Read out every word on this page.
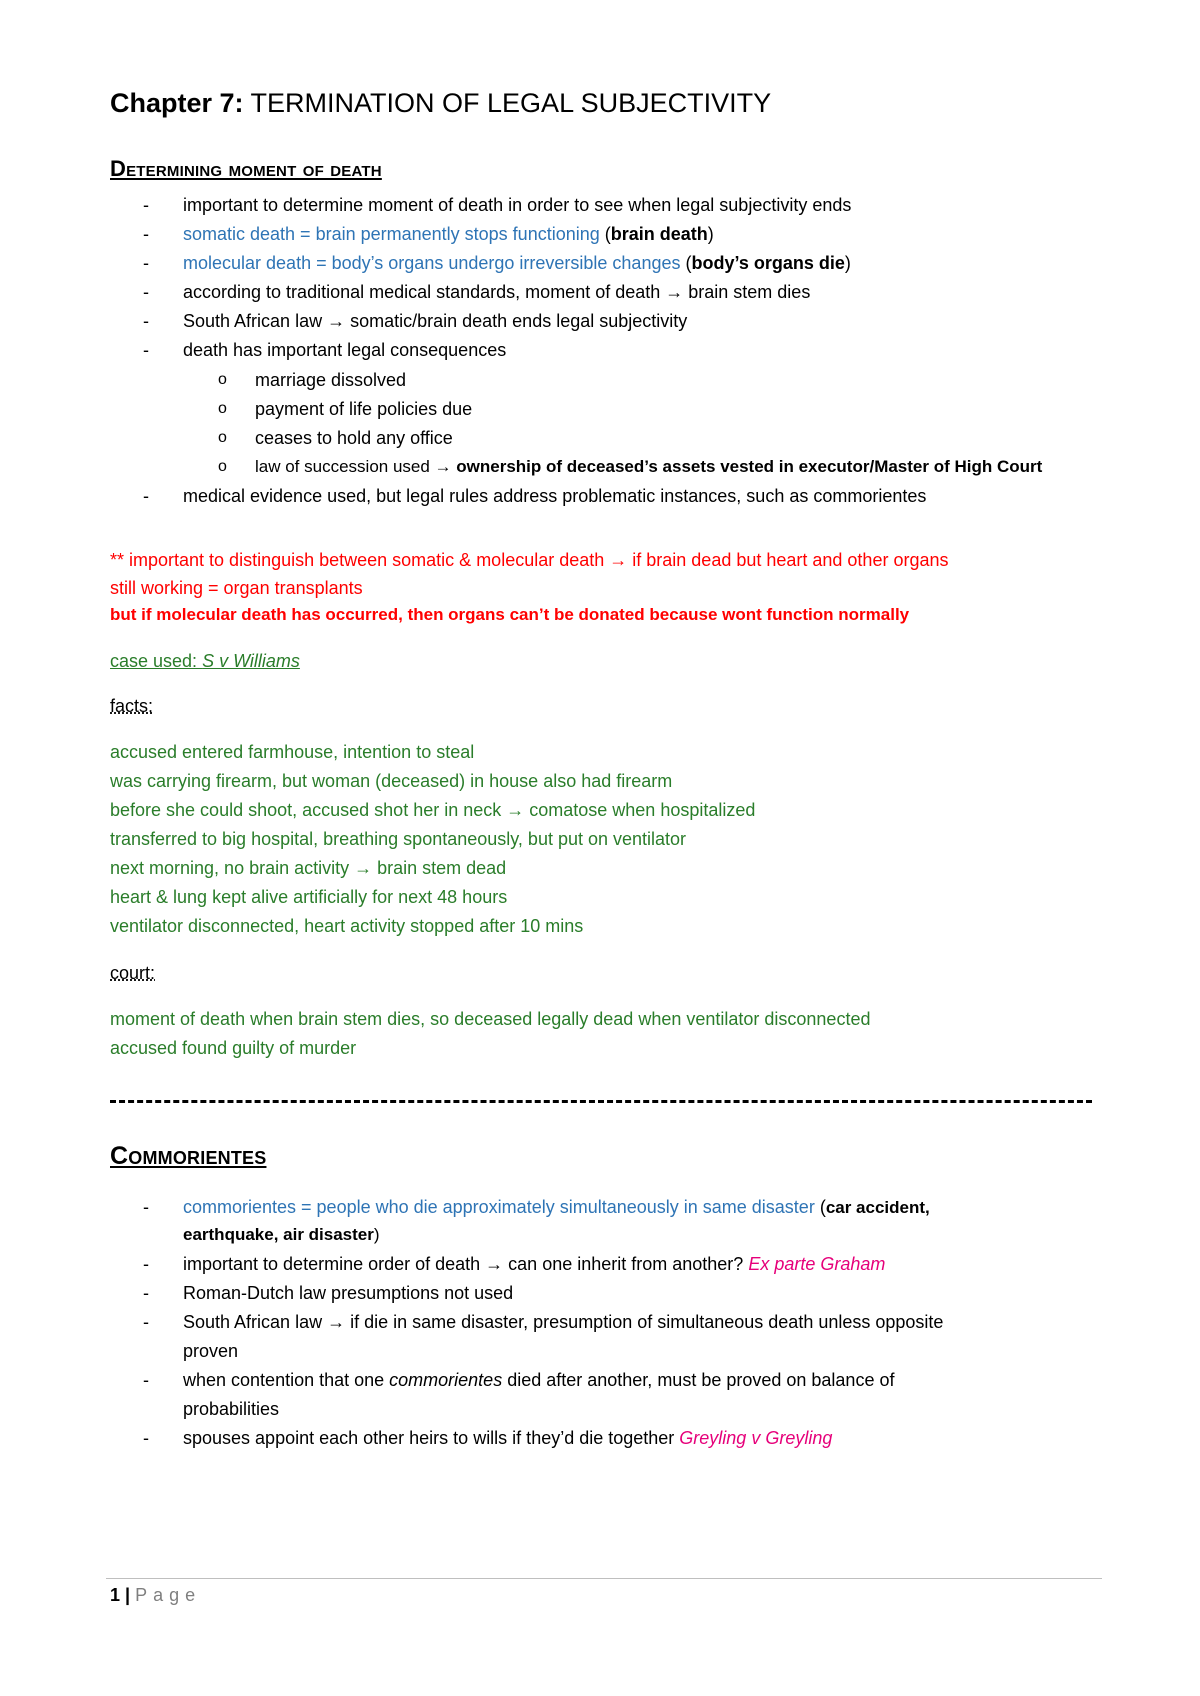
Chapter 7: TERMINATION OF LEGAL SUBJECTIVITY
Determining moment of death
- important to determine moment of death in order to see when legal subjectivity ends
- somatic death = brain permanently stops functioning (brain death)
- molecular death = body’s organs undergo irreversible changes (body’s organs die)
- according to traditional medical standards, moment of death → brain stem dies
- South African law → somatic/brain death ends legal subjectivity
- death has important legal consequences
o marriage dissolved
o payment of life policies due
o ceases to hold any office
o law of succession used → ownership of deceased’s assets vested in executor/Master of High Court
- medical evidence used, but legal rules address problematic instances, such as commorientes
** important to distinguish between somatic & molecular death → if brain dead but heart and other organs
still working = organ transplants
but if molecular death has occurred, then organs can’t be donated because wont function normally
case used: S v Williams
facts:
accused entered farmhouse, intention to steal
was carrying firearm, but woman (deceased) in house also had firearm
before she could shoot, accused shot her in neck → comatose when hospitalized
transferred to big hospital, breathing spontaneously, but put on ventilator
next morning, no brain activity → brain stem dead
heart & lung kept alive artificially for next 48 hours
ventilator disconnected, heart activity stopped after 10 mins
court:
moment of death when brain stem dies, so deceased legally dead when ventilator disconnected
accused found guilty of murder
Commorientes
- commorientes = people who die approximately simultaneously in same disaster (car accident,
earthquake, air disaster)
- important to determine order of death → can one inherit from another? Ex parte Graham
- Roman-Dutch law presumptions not used
- South African law → if die in same disaster, presumption of simultaneous death unless opposite
proven
- when contention that one commorientes died after another, must be proved on balance of
probabilities
- spouses appoint each other heirs to wills if they’d die together Greyling v Greyling
1 | Page
